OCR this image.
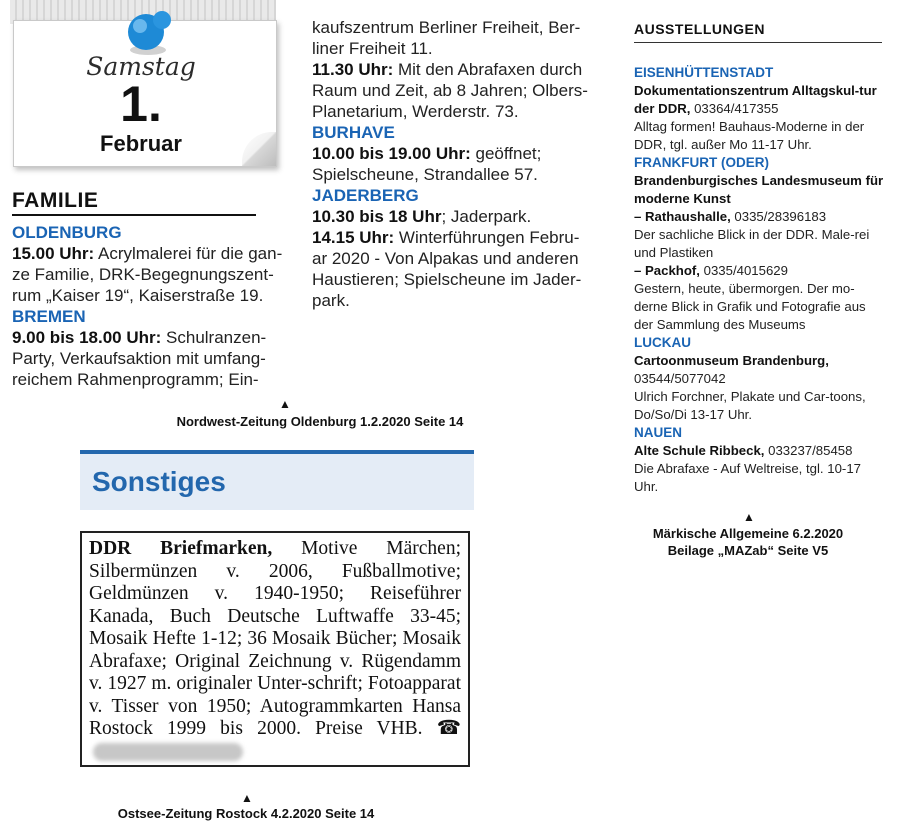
Samstag
1.
Februar
FAMILIE
OLDENBURG
15.00 Uhr: Acrylmalerei für die gan-ze Familie, DRK-Begegnungszent-rum „Kaiser 19“, Kaiserstraße 19.
BREMEN
9.00 bis 18.00 Uhr: Schulranzen-Party, Verkaufsaktion mit umfang-reichem Rahmenprogramm; Ein-
kaufszentrum Berliner Freiheit, Ber-liner Freiheit 11.
11.30 Uhr: Mit den Abrafaxen durch Raum und Zeit, ab 8 Jahren; Olbers-Planetarium, Werderstr. 73.
BURHAVE
10.00 bis 19.00 Uhr: geöffnet; Spielscheune, Strandallee 57.
JADERBERG
10.30 bis 18 Uhr; Jaderpark.
14.15 Uhr: Winterführungen Febru-ar 2020 - Von Alpakas und anderen Haustieren; Spielscheune im Jader-park.
▲
Nordwest-Zeitung Oldenburg 1.2.2020 Seite 14
Sonstiges
DDR Briefmarken, Motive Märchen; Silbermünzen v. 2006, Fußballmotive; Geldmünzen v. 1940-1950; Reiseführer Kanada, Buch Deutsche Luftwaffe 33-45; Mosaik Hefte 1-12; 36 Mosaik Bücher; Mosaik Abrafaxe; Original Zeichnung v. Rügendamm v. 1927 m. originaler Unter-schrift; Fotoapparat v. Tisser von 1950; Autogrammkarten Hansa Rostock 1999 bis 2000. Preise VHB. ☎
▲
Ostsee-Zeitung Rostock 4.2.2020 Seite 14
AUSSTELLUNGEN
EISENHÜTTENSTADT
Dokumentationszentrum Alltagskul-tur der DDR, 03364/417355
Alltag formen! Bauhaus-Moderne in der DDR, tgl. außer Mo 11-17 Uhr.
FRANKFURT (ODER)
Brandenburgisches Landesmuseum für moderne Kunst
– Rathaushalle, 0335/28396183
Der sachliche Blick in der DDR. Male-rei und Plastiken
– Packhof, 0335/4015629
Gestern, heute, übermorgen. Der mo-derne Blick in Grafik und Fotografie aus der Sammlung des Museums
LUCKAU
Cartoonmuseum Brandenburg, 03544/5077042
Ulrich Forchner, Plakate und Car-toons, Do/So/Di 13-17 Uhr.
NAUEN
Alte Schule Ribbeck, 033237/85458
Die Abrafaxe - Auf Weltreise, tgl. 10-17 Uhr.
▲
Märkische Allgemeine 6.2.2020
Beilage „MAZab“ Seite V5
